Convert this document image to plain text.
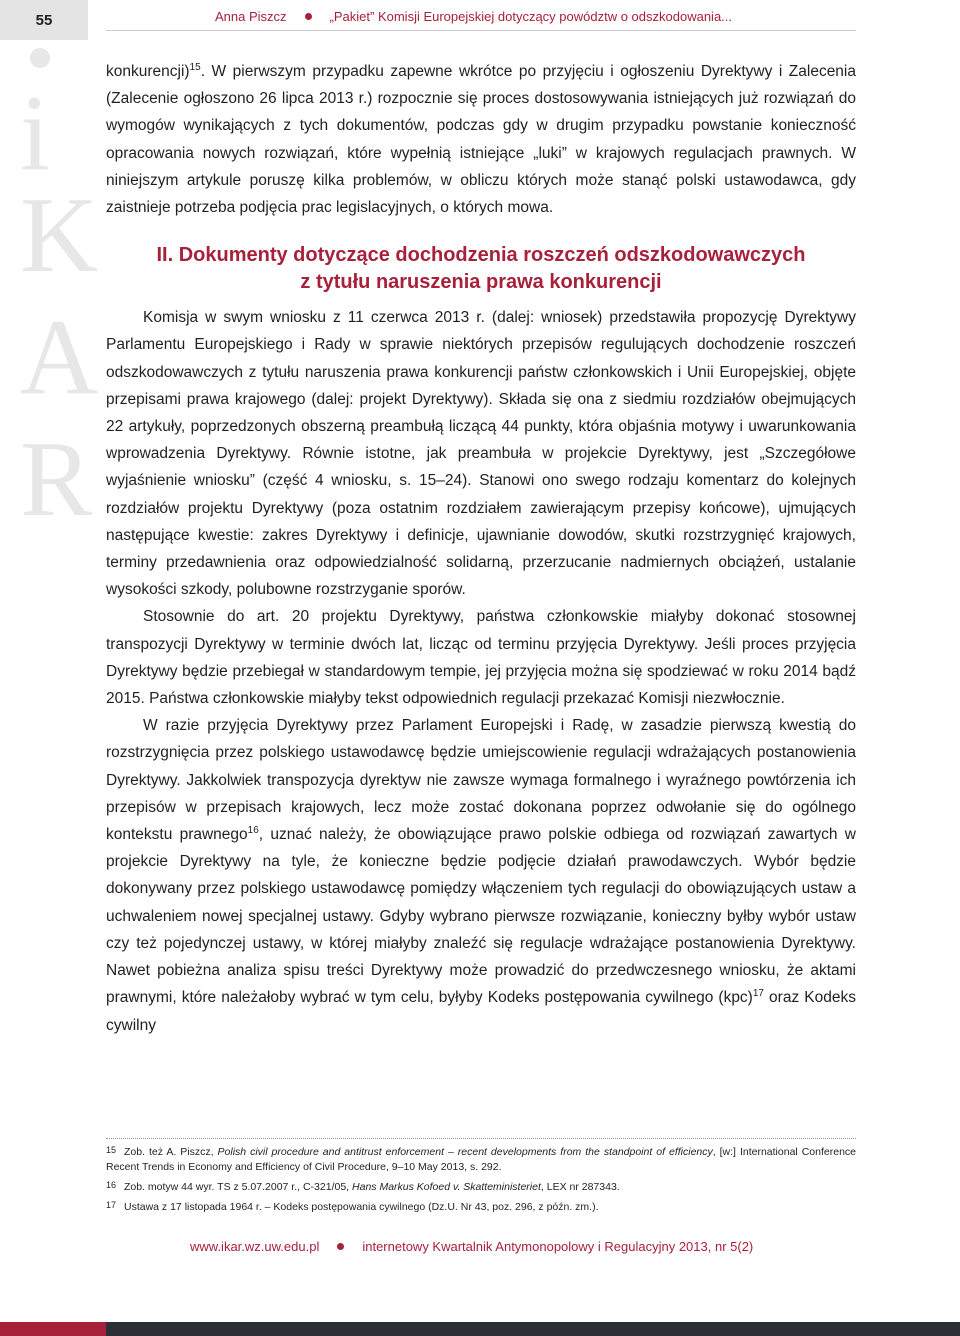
55	Anna Piszcz	„Pakiet” Komisji Europejskiej dotyczący powództw o odszkodowania...
i
K
A
R

konkurencji)$^{15}$. W pierwszym przypadku zapewne wkrótce po przyjęciu i ogłoszeniu Dyrektywy i Zalecenia (Zalecenie ogłoszono 26 lipca 2013 r.) rozpocznie się proces dostosowywania istniejących już rozwiązań do wymogów wynikających z tych dokumentów, podczas gdy w drugim przypadku powstanie konieczność opracowania nowych rozwiązań, które wypełnią istniejące „luki” w krajowych regulacjach prawnych. W niniejszym artykule poruszę kilka problemów, w obliczu których może stanąć polski ustawodawca, gdy zaistnieje potrzeba podjęcia prac legislacyjnych, o których mowa.

II. Dokumenty dotyczące dochodzenia roszczeń odszkodowawczych
z tytułu naruszenia prawa konkurencji

Komisja w swym wniosku z 11 czerwca 2013 r. (dalej: wniosek) przedstawiła propozycję Dyrektywy Parlamentu Europejskiego i Rady w sprawie niektórych przepisów regulujących dochodzenie roszczeń odszkodowawczych z tytułu naruszenia prawa konkurencji państw członkowskich i Unii Europejskiej, objęte przepisami prawa krajowego (dalej: projekt Dyrektywy). Składa się ona z siedmiu rozdziałów obejmujących 22 artykuły, poprzedzonych obszerną preambułą liczącą 44 punkty, która objaśnia motywy i uwarunkowania wprowadzenia Dyrektywy. Równie istotne, jak preambuła w projekcie Dyrektywy, jest „Szczegółowe wyjaśnienie wniosku” (część 4 wniosku, s. 15–24). Stanowi ono swego rodzaju komentarz do kolejnych rozdziałów projektu Dyrektywy (poza ostatnim rozdziałem zawierającym przepisy końcowe), ujmujących następujące kwestie: zakres Dyrektywy i definicje, ujawnianie dowodów, skutki rozstrzygnięć krajowych, terminy przedawnienia oraz odpowiedzialność solidarną, przerzucanie nadmiernych obciążeń, ustalanie wysokości szkody, polubowne rozstrzyganie sporów.

Stosownie do art. 20 projektu Dyrektywy, państwa członkowskie miałyby dokonać stosownej transpozycji Dyrektywy w terminie dwóch lat, licząc od terminu przyjęcia Dyrektywy. Jeśli proces przyjęcia Dyrektywy będzie przebiegał w standardowym tempie, jej przyjęcia można się spodziewać w roku 2014 bądź 2015. Państwa członkowskie miałyby tekst odpowiednich regulacji przekazać Komisji niezwłocznie.

W razie przyjęcia Dyrektywy przez Parlament Europejski i Radę, w zasadzie pierwszą kwestią do rozstrzygnięcia przez polskiego ustawodawcę będzie umiejscowienie regulacji wdrażających postanowienia Dyrektywy. Jakkolwiek transpozycja dyrektyw nie zawsze wymaga formalnego i wyraźnego powtórzenia ich przepisów w przepisach krajowych, lecz może zostać dokonana poprzez odwołanie się do ogólnego kontekstu prawnego$^{16}$, uznać należy, że obowiązujące prawo polskie odbiega od rozwiązań zawartych w projekcie Dyrektywy na tyle, że konieczne będzie podjęcie działań prawodawczych. Wybór będzie dokonywany przez polskiego ustawodawcę pomiędzy włączeniem tych regulacji do obowiązujących ustaw a uchwaleniem nowej specjalnej ustawy. Gdyby wybrano pierwsze rozwiązanie, konieczny byłby wybór ustaw czy też pojedynczej ustawy, w której miałyby znaleźć się regulacje wdrażające postanowienia Dyrektywy. Nawet pobieżna analiza spisu treści Dyrektywy może prowadzić do przedwczesnego wniosku, że aktami prawnymi, które należałoby wybrać w tym celu, byłyby Kodeks postępowania cywilnego (kpc)$^{17}$ oraz Kodeks cywilny

15 Zob. też A. Piszcz, Polish civil procedure and antitrust enforcement – recent developments from the standpoint of efficiency, [w:] International Conference Recent Trends in Economy and Efficiency of Civil Procedure, 9–10 May 2013, s. 292.
16 Zob. motyw 44 wyr. TS z 5.07.2007 r., C-321/05, Hans Markus Kofoed v. Skatteministeriet, LEX nr 287343.
17 Ustawa z 17 listopada 1964 r. – Kodeks postępowania cywilnego (Dz.U. Nr 43, poz. 296, z późn. zm.).
www.ikar.wz.uw.edu.pl	internetowy Kwartalnik Antymonopolowy i Regulacyjny 2013, nr 5(2)
